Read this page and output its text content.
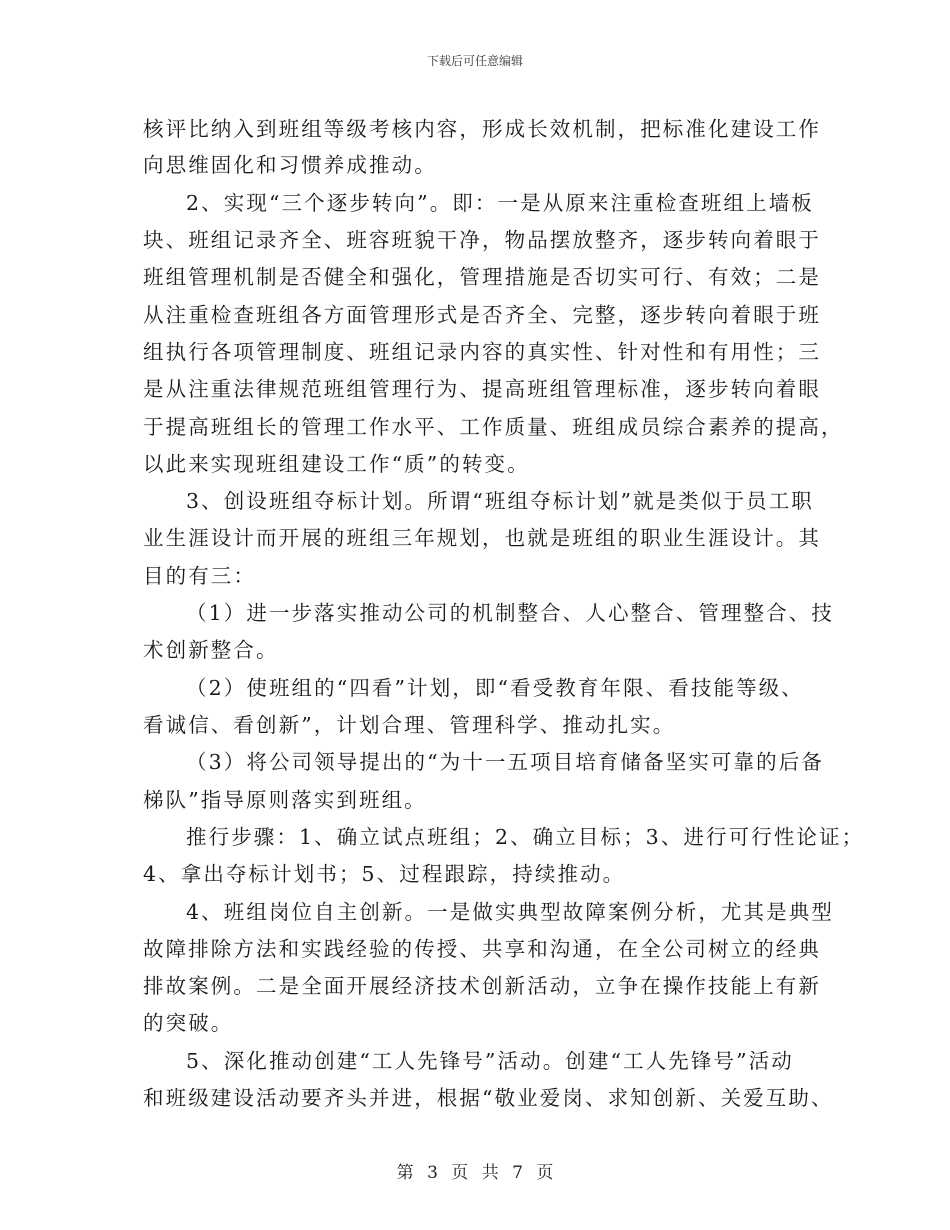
下载后可任意编辑
核评比纳入到班组等级考核内容，形成长效机制，把标准化建设工作
向思维固化和习惯养成推动。
2、实现“三个逐步转向”。即：一是从原来注重检查班组上墙板
块、班组记录齐全、班容班貌干净，物品摆放整齐，逐步转向着眼于
班组管理机制是否健全和强化，管理措施是否切实可行、有效；二是
从注重检查班组各方面管理形式是否齐全、完整，逐步转向着眼于班
组执行各项管理制度、班组记录内容的真实性、针对性和有用性；三
是从注重法律规范班组管理行为、提高班组管理标准，逐步转向着眼
于提高班组长的管理工作水平、工作质量、班组成员综合素养的提高，
以此来实现班组建设工作“质”的转变。
3、创设班组夺标计划。所谓“班组夺标计划”就是类似于员工职
业生涯设计而开展的班组三年规划，也就是班组的职业生涯设计。其
目的有三：
（1）进一步落实推动公司的机制整合、人心整合、管理整合、技
术创新整合。
（2）使班组的“四看”计划，即“看受教育年限、看技能等级、
看诚信、看创新”，计划合理、管理科学、推动扎实。
（3）将公司领导提出的“为十一五项目培育储备坚实可靠的后备
梯队”指导原则落实到班组。
推行步骤：1、确立试点班组；2、确立目标；3、进行可行性论证；
4、拿出夺标计划书；5、过程跟踪，持续推动。
4、班组岗位自主创新。一是做实典型故障案例分析，尤其是典型
故障排除方法和实践经验的传授、共享和沟通，在全公司树立的经典
排故案例。二是全面开展经济技术创新活动，立争在操作技能上有新
的突破。
5、深化推动创建“工人先锋号”活动。创建“工人先锋号”活动
和班级建设活动要齐头并进，根据“敬业爱岗、求知创新、关爱互助、
第 3 页 共 7 页
